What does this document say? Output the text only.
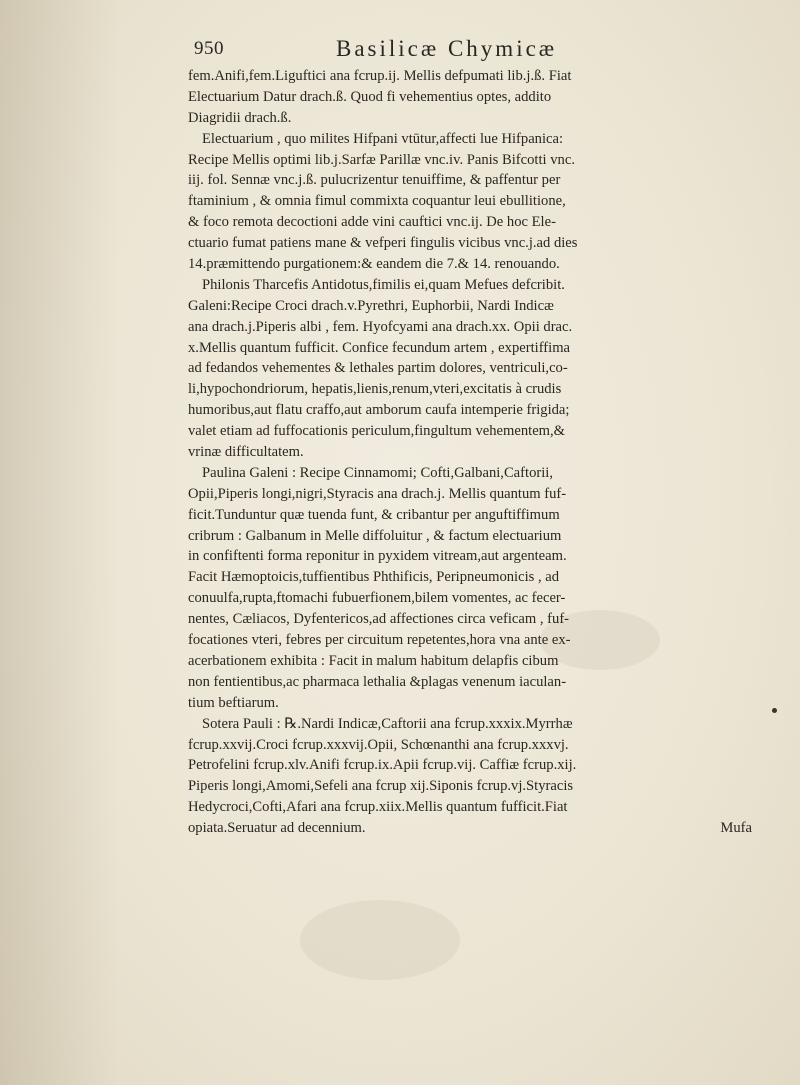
950	Basilicæ Chymicæ
fem.Anifi,fem.Liguftici ana fcrup.ij. Mellis defpumati lib.j.ß. Fiat
Electuarium Datur drach.ß. Quod fi vehementius optes, addito
Diagridii drach.ß.
Electuarium , quo milites Hifpani vtūtur,affecti lue Hifpanica:
Recipe Mellis optimi lib.j.Sarfæ Parillæ vnc.iv. Panis Bifcotti vnc.
iij. fol. Sennæ vnc.j.ß. pulucrizentur tenuiffime, & paffentur per
ftaminium , & omnia fimul commixta coquantur leui ebullitione,
& foco remota decoctioni adde vini cauftici vnc.ij. De hoc Ele-
ctuario fumat patiens mane & vefperi fingulis vicibus vnc.j.ad dies
14.præmittendo purgationem:& eandem die 7.& 14. renouando.
Philonis Tharcefis Antidotus,fimilis ei,quam Mefues defcribit.
Galeni:Recipe Croci drach.v.Pyrethri, Euphorbii, Nardi Indicæ
ana drach.j.Piperis albi , fem. Hyofcyami ana drach.xx. Opii drac.
x.Mellis quantum fufficit. Confice fecundum artem , expertiffima
ad fedandos vehementes & lethales partim dolores, ventriculi,co-
li,hypochondriorum, hepatis,lienis,renum,vteri,excitatis à crudis
humoribus,aut flatu craffo,aut amborum caufa intemperie frigida;
valet etiam ad fuffocationis periculum,fingultum vehementem,&
vrinæ difficultatem.
Paulina Galeni : Recipe Cinnamomi; Cofti,Galbani,Caftorii,
Opii,Piperis longi,nigri,Styracis ana drach.j. Mellis quantum fuf-
ficit.Tunduntur quæ tuenda funt, & cribantur per anguftiffimum
cribrum : Galbanum in Melle diffoluitur , & factum electuarium
in confiftenti forma reponitur in pyxidem vitream,aut argenteam.
Facit Hæmoptoicis,tuffientibus Phthificis, Peripneumonicis , ad
conuulfa,rupta,ftomachi fubuerfionem,bilem vomentes, ac fecer-
nentes, Cæliacos, Dyfentericos,ad affectiones circa veficam , fuf-
focationes vteri, febres per circuitum repetentes,hora vna ante ex-
acerbationem exhibita : Facit in malum habitum delapfis cibum
non fentientibus,ac pharmaca lethalia &plagas venenum iaculan-
tium beftiarum.
Sotera Pauli : ℞.Nardi Indicæ,Caftorii ana fcrup.xxxix.Myrrhæ
fcrup.xxvij.Croci fcrup.xxxvij.Opii, Schœnanthi ana fcrup.xxxvj.
Petrofelini fcrup.xlv.Anifi fcrup.ix.Apii fcrup.vij. Caffiæ fcrup.xij.
Piperis longi,Amomi,Sefeli ana fcrup xij.Siponis fcrup.vj.Styracis
Hedycroci,Cofti,Afari ana fcrup.xiix.Mellis quantum fufficit.Fiat
opiata.Seruatur ad decennium.	Mufa
